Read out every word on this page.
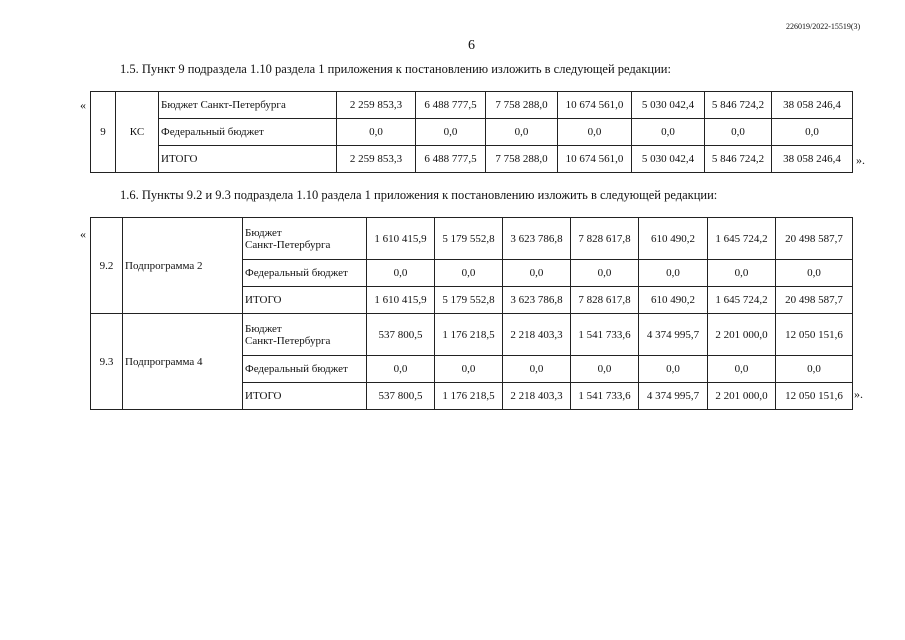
226019/2022-15519(3)
6
1.5. Пункт 9 подраздела 1.10 раздела 1 приложения к постановлению изложить в следующей редакции:
«
9	КС	Бюджет Санкт-Петербурга	2 259 853,3	6 488 777,5	7 758 288,0	10 674 561,0	5 030 042,4	5 846 724,2	38 058 246,4
		Федеральный бюджет	0,0	0,0	0,0	0,0	0,0	0,0	0,0
		ИТОГО	2 259 853,3	6 488 777,5	7 758 288,0	10 674 561,0	5 030 042,4	5 846 724,2	38 058 246,4 ».
1.6. Пункты 9.2 и 9.3 подраздела 1.10 раздела 1 приложения к постановлению изложить в следующей редакции:
«
9.2	Подпрограмма 2	Бюджет
Санкт-Петербурга	1 610 415,9	5 179 552,8	3 623 786,8	7 828 617,8	610 490,2	1 645 724,2	20 498 587,7
		Федеральный бюджет	0,0	0,0	0,0	0,0	0,0	0,0	0,0
		ИТОГО	1 610 415,9	5 179 552,8	3 623 786,8	7 828 617,8	610 490,2	1 645 724,2	20 498 587,7
9.3	Подпрограмма 4	Бюджет
Санкт-Петербурга	537 800,5	1 176 218,5	2 218 403,3	1 541 733,6	4 374 995,7	2 201 000,0	12 050 151,6
		Федеральный бюджет	0,0	0,0	0,0	0,0	0,0	0,0	0,0
		ИТОГО	537 800,5	1 176 218,5	2 218 403,3	1 541 733,6	4 374 995,7	2 201 000,0	12 050 151,6 ».
